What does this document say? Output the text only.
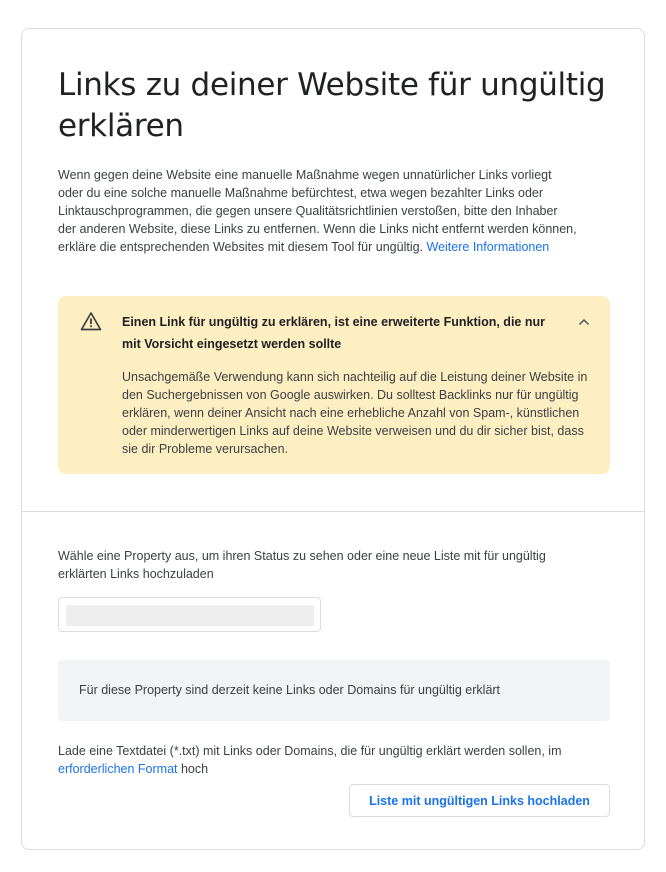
Links zu deiner Website für ungültig erklären

Wenn gegen deine Website eine manuelle Maßnahme wegen unnatürlicher Links vorliegt oder du eine solche manuelle Maßnahme befürchtest, etwa wegen bezahlter Links oder Linktauschprogrammen, die gegen unsere Qualitätsrichtlinien verstoßen, bitte den Inhaber der anderen Website, diese Links zu entfernen. Wenn die Links nicht entfernt werden können, erkläre die entsprechenden Websites mit diesem Tool für ungültig. Weitere Informationen

Einen Link für ungültig zu erklären, ist eine erweiterte Funktion, die nur mit Vorsicht eingesetzt werden sollte

Unsachgemäße Verwendung kann sich nachteilig auf die Leistung deiner Website in den Suchergebnissen von Google auswirken. Du solltest Backlinks nur für ungültig erklären, wenn deiner Ansicht nach eine erhebliche Anzahl von Spam-, künstlichen oder minderwertigen Links auf deine Website verweisen und du dir sicher bist, dass sie dir Probleme verursachen.

Wähle eine Property aus, um ihren Status zu sehen oder eine neue Liste mit für ungültig erklärten Links hochzuladen

Für diese Property sind derzeit keine Links oder Domains für ungültig erklärt

Lade eine Textdatei (*.txt) mit Links oder Domains, die für ungültig erklärt werden sollen, im erforderlichen Format hoch

Liste mit ungültigen Links hochladen
